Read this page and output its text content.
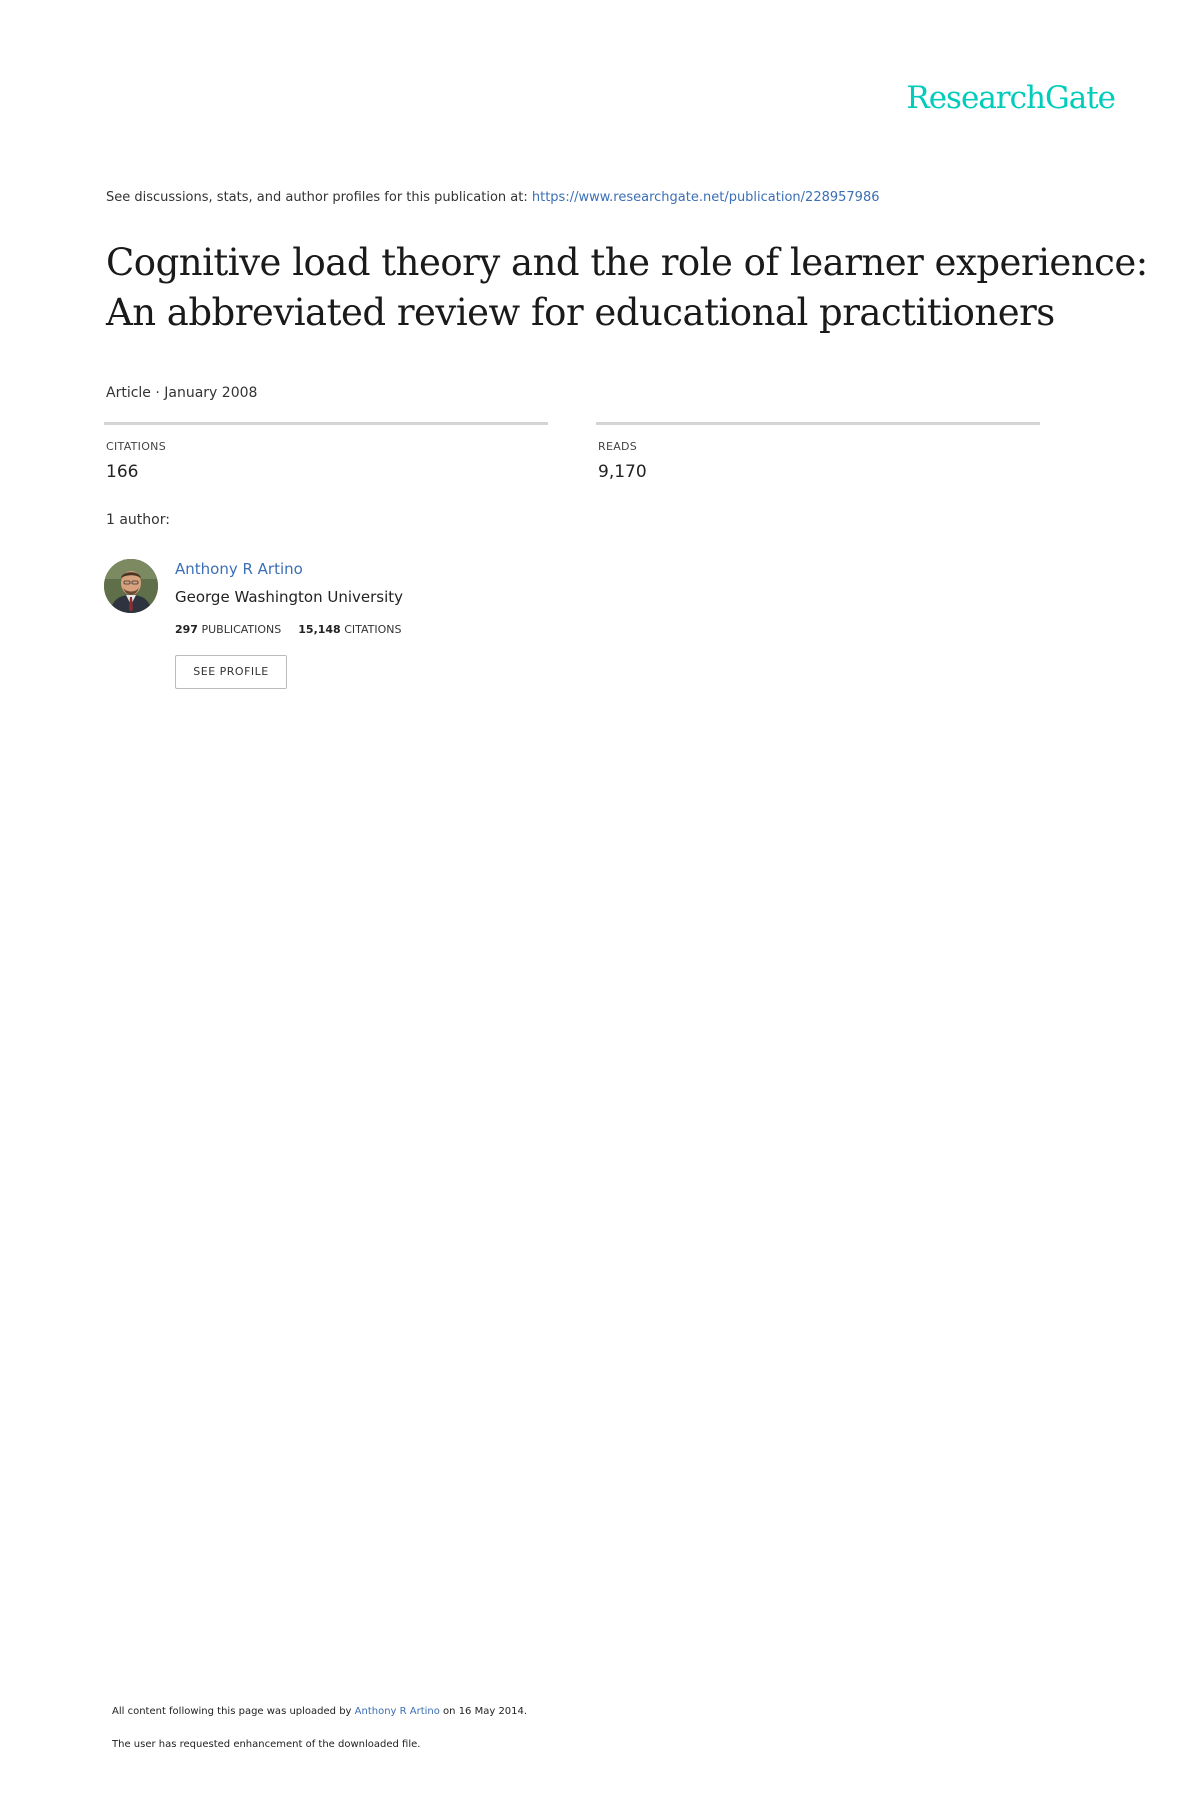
ResearchGate
See discussions, stats, and author profiles for this publication at: https://www.researchgate.net/publication/228957986
Cognitive load theory and the role of learner experience:
An abbreviated review for educational practitioners
Article · January 2008
CITATIONS
166
READS
9,170
1 author:
Anthony R Artino
George Washington University
297 PUBLICATIONS 15,148 CITATIONS
SEE PROFILE
All content following this page was uploaded by Anthony R Artino on 16 May 2014.
The user has requested enhancement of the downloaded file.
